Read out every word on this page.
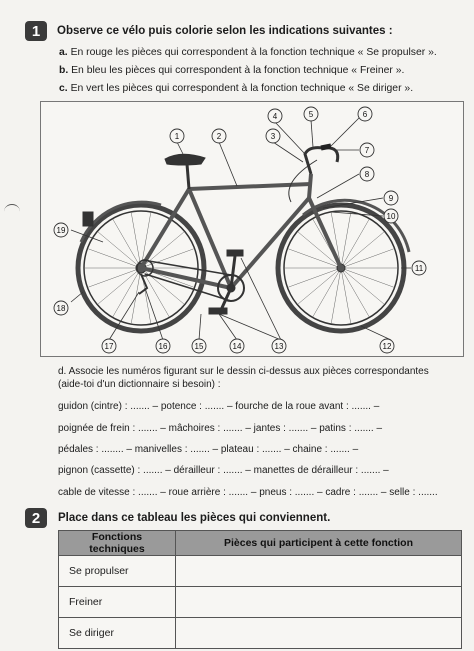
1 Observe ce vélo puis colorie selon les indications suivantes :
a. En rouge les pièces qui correspondent à la fonction technique « Se propulser ».
b. En bleu les pièces qui correspondent à la fonction technique « Freiner ».
c. En vert les pièces qui correspondent à la fonction technique « Se diriger ».
1	2	3
4	5	6
7
8
9
10
11
12
13
14
15
16
17
18
19
d. Associe les numéros figurant sur le dessin ci-dessus aux pièces correspondantes
(aide-toi d'un dictionnaire si besoin) :
guidon (cintre) : ....... – potence : ....... – fourche de la roue avant : ....... –
poignée de frein : ....... – mâchoires : ....... – jantes : ....... – patins : ....... –
pédales : ........ – manivelles : ....... – plateau : ....... – chaine : ....... –
pignon (cassette) : ....... – dérailleur : ....... – manettes de dérailleur : ....... –
cable de vitesse : ....... – roue arrière : ....... – pneus : ....... – cadre : ....... – selle : .......
2 Place dans ce tableau les pièces qui conviennent.
Fonctions techniques	Pièces qui participent à cette fonction
Se propulser	
Freiner	
Se diriger	
